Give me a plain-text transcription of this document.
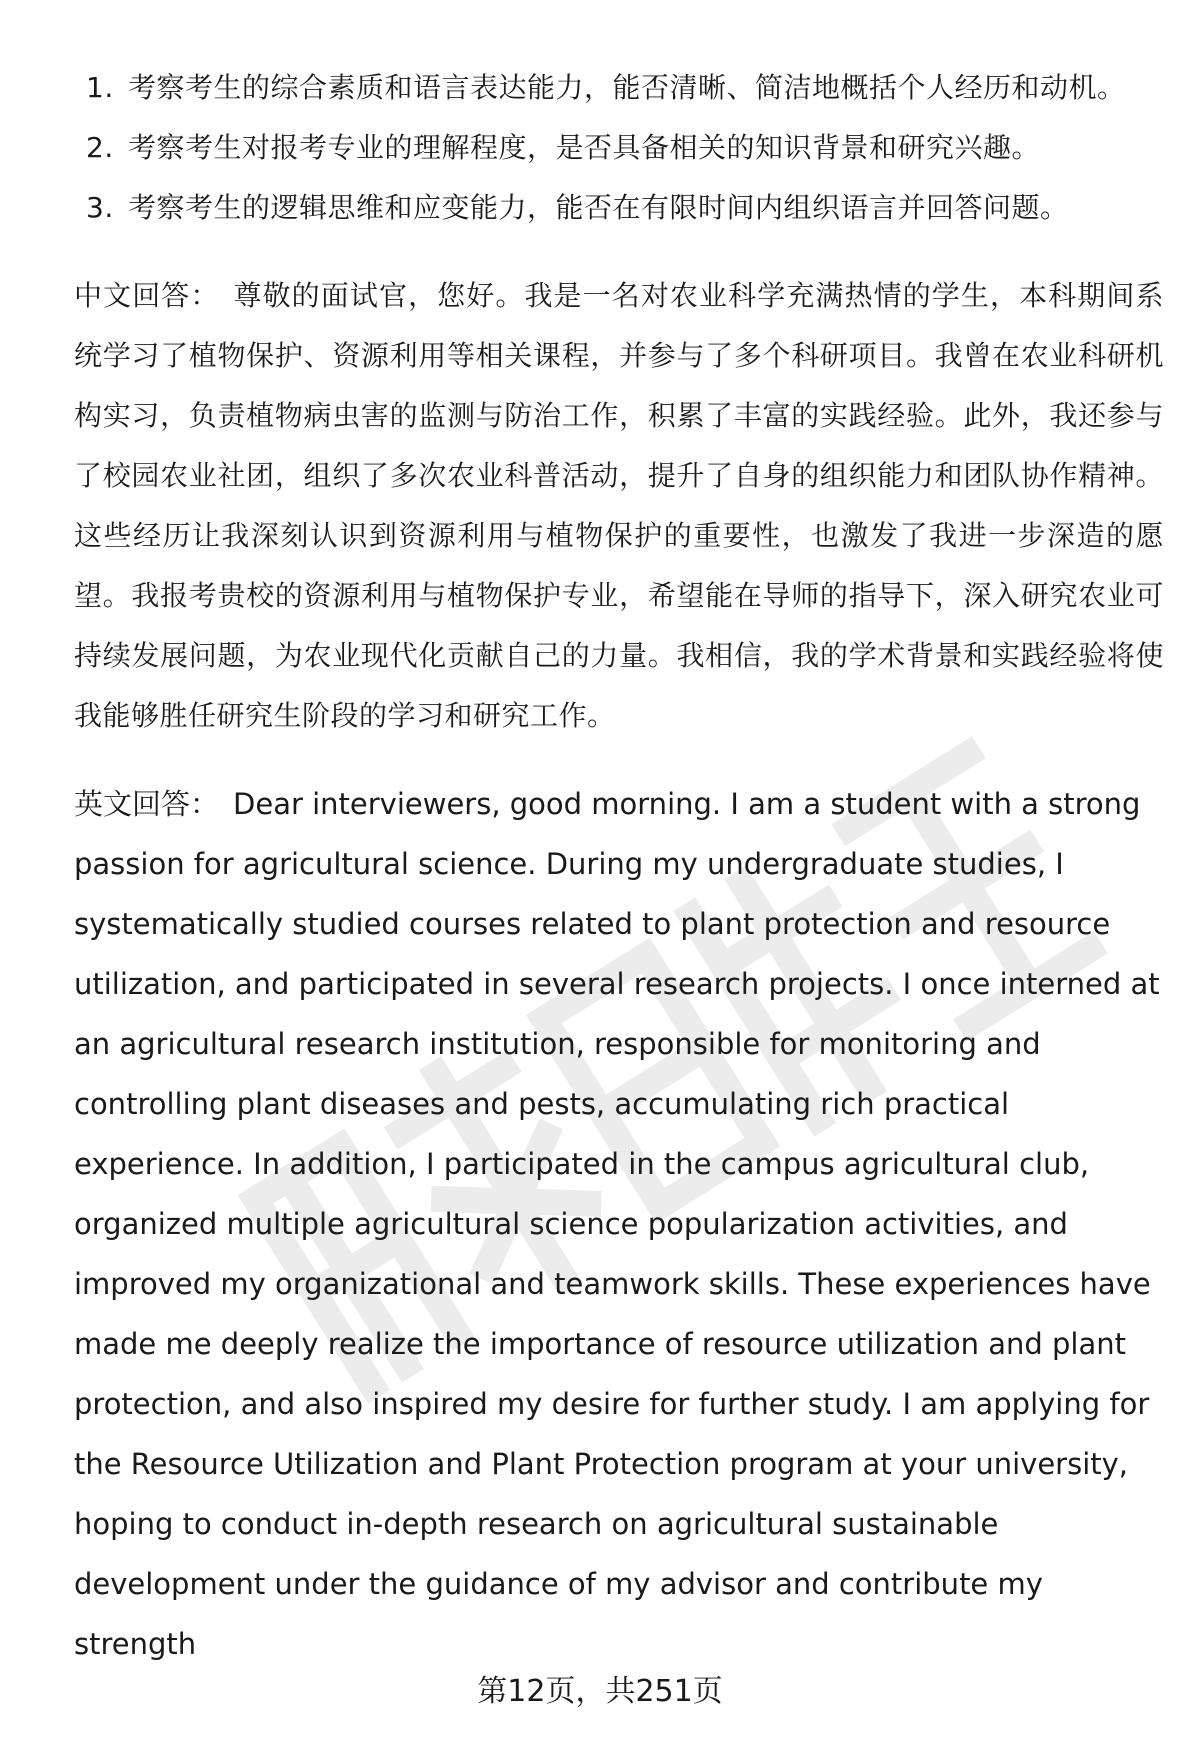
1. 考察考生的综合素质和语言表达能力，能否清晰、简洁地概括个人经历和动机。
2. 考察考生对报考专业的理解程度，是否具备相关的知识背景和研究兴趣。
3. 考察考生的逻辑思维和应变能力，能否在有限时间内组织语言并回答问题。

中文回答： 尊敬的面试官，您好。我是一名对农业科学充满热情的学生，本科期间系统学习了植物保护、资源利用等相关课程，并参与了多个科研项目。我曾在农业科研机构实习，负责植物病虫害的监测与防治工作，积累了丰富的实践经验。此外，我还参与了校园农业社团，组织了多次农业科普活动，提升了自身的组织能力和团队协作精神。这些经历让我深刻认识到资源利用与植物保护的重要性，也激发了我进一步深造的愿望。我报考贵校的资源利用与植物保护专业，希望能在导师的指导下，深入研究农业可持续发展问题，为农业现代化贡献自己的力量。我相信，我的学术背景和实践经验将使我能够胜任研究生阶段的学习和研究工作。

英文回答： Dear interviewers, good morning. I am a student with a strong passion for agricultural science. During my undergraduate studies, I systematically studied courses related to plant protection and resource utilization, and participated in several research projects. I once interned at an agricultural research institution, responsible for monitoring and controlling plant diseases and pests, accumulating rich practical experience. In addition, I participated in the campus agricultural club, organized multiple agricultural science popularization activities, and improved my organizational and teamwork skills. These experiences have made me deeply realize the importance of resource utilization and plant protection, and also inspired my desire for further study. I am applying for the Resource Utilization and Plant Protection program at your university, hoping to conduct in-depth research on agricultural sustainable development under the guidance of my advisor and contribute my strength

第12页，共251页
